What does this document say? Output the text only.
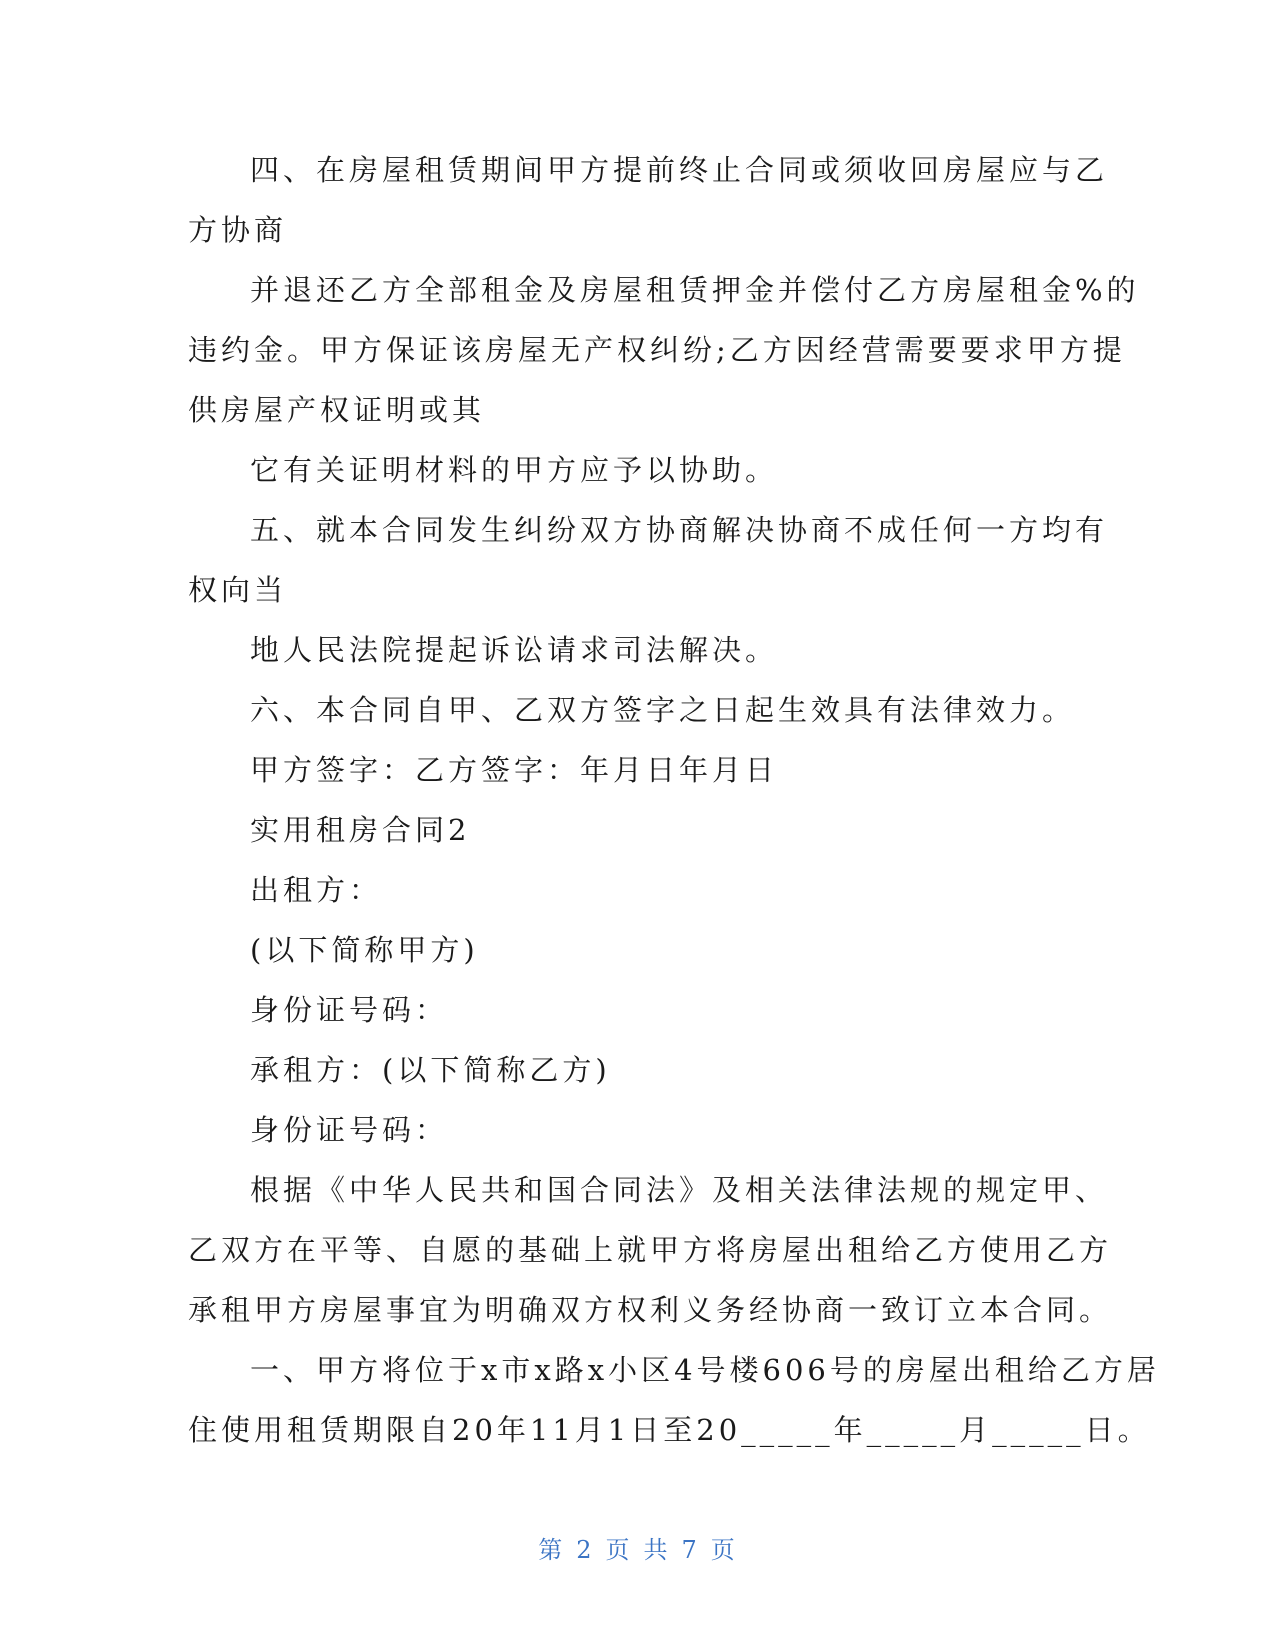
四、在房屋租赁期间甲方提前终止合同或须收回房屋应与乙
方协商
并退还乙方全部租金及房屋租赁押金并偿付乙方房屋租金%的
违约金。甲方保证该房屋无产权纠纷;乙方因经营需要要求甲方提
供房屋产权证明或其
它有关证明材料的甲方应予以协助。
五、就本合同发生纠纷双方协商解决协商不成任何一方均有
权向当
地人民法院提起诉讼请求司法解决。
六、本合同自甲、乙双方签字之日起生效具有法律效力。
甲方签字：乙方签字：年月日年月日
实用租房合同2
出租方：
(以下简称甲方)
身份证号码：
承租方：(以下简称乙方)
身份证号码：
根据《中华人民共和国合同法》及相关法律法规的规定甲、
乙双方在平等、自愿的基础上就甲方将房屋出租给乙方使用乙方
承租甲方房屋事宜为明确双方权利义务经协商一致订立本合同。
一、甲方将位于x市x路x小区4号楼606号的房屋出租给乙方居
住使用租赁期限自20年11月1日至20_____年_____月_____日。
第 2 页 共 7 页
